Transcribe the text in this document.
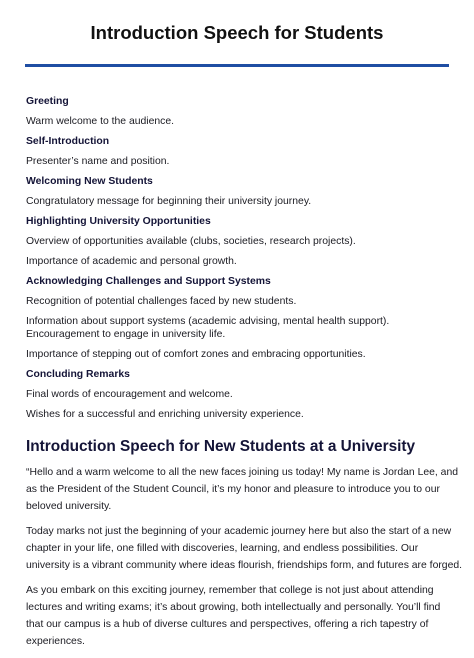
Introduction Speech for Students

Greeting

Warm welcome to the audience.

Self-Introduction

Presenter’s name and position.

Welcoming New Students

Congratulatory message for beginning their university journey.

Highlighting University Opportunities

Overview of opportunities available (clubs, societies, research projects).

Importance of academic and personal growth.

Acknowledging Challenges and Support Systems

Recognition of potential challenges faced by new students.

Information about support systems (academic advising, mental health support). Encouragement to engage in university life.

Importance of stepping out of comfort zones and embracing opportunities.

Concluding Remarks

Final words of encouragement and welcome.

Wishes for a successful and enriching university experience.

Introduction Speech for New Students at a University

“Hello and a warm welcome to all the new faces joining us today! My name is Jordan Lee, and
as the President of the Student Council, it’s my honor and pleasure to introduce you to our
beloved university.

Today marks not just the beginning of your academic journey here but also the start of a new
chapter in your life, one filled with discoveries, learning, and endless possibilities. Our
university is a vibrant community where ideas flourish, friendships form, and futures are forged.

As you embark on this exciting journey, remember that college is not just about attending
lectures and writing exams; it’s about growing, both intellectually and personally. You’ll find
that our campus is a hub of diverse cultures and perspectives, offering a rich tapestry of
experiences.
